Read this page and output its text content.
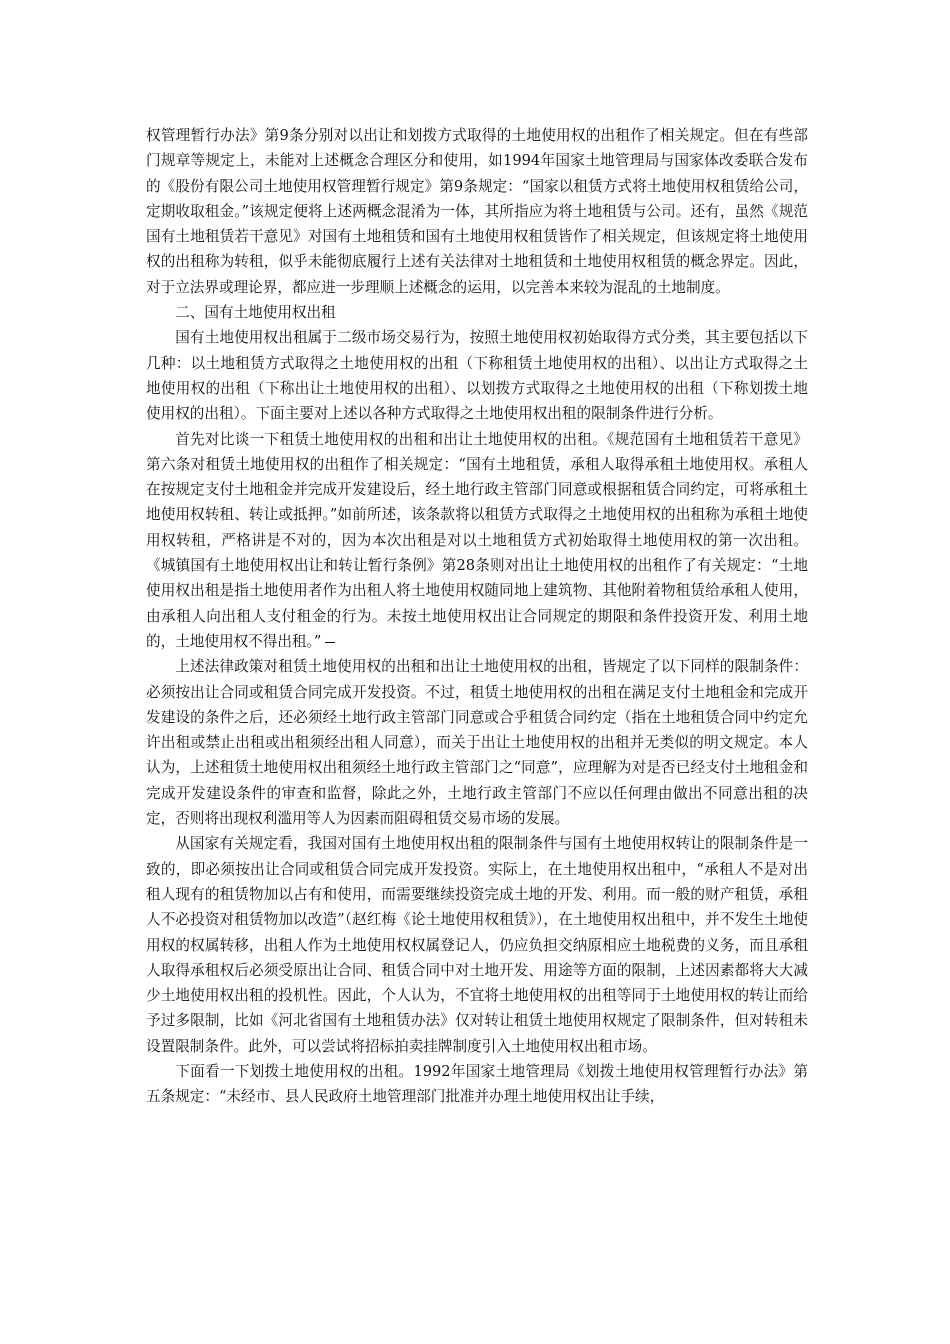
权管理暂行办法》第9条分别对以出让和划拨方式取得的土地使用权的出租作了相关规定。但在有些部门规章等规定上，未能对上述概念合理区分和使用，如1994年国家土地管理局与国家体改委联合发布的《股份有限公司土地使用权管理暂行规定》第9条规定：“国家以租赁方式将土地使用权租赁给公司，定期收取租金。”该规定便将上述两概念混淆为一体，其所指应为将土地租赁与公司。还有，虽然《规范国有土地租赁若干意见》对国有土地租赁和国有土地使用权租赁皆作了相关规定，但该规定将土地使用权的出租称为转租，似乎未能彻底履行上述有关法律对土地租赁和土地使用权租赁的概念界定。因此，对于立法界或理论界，都应进一步理顺上述概念的运用，以完善本来较为混乱的土地制度。

二、国有土地使用权出租

国有土地使用权出租属于二级市场交易行为，按照土地使用权初始取得方式分类，其主要包括以下几种：以土地租赁方式取得之土地使用权的出租（下称租赁土地使用权的出租）、以出让方式取得之土地使用权的出租（下称出让土地使用权的出租）、以划拨方式取得之土地使用权的出租（下称划拨土地使用权的出租）。下面主要对上述以各种方式取得之土地使用权出租的限制条件进行分析。

首先对比谈一下租赁土地使用权的出租和出让土地使用权的出租。《规范国有土地租赁若干意见》第六条对租赁土地使用权的出租作了相关规定：“国有土地租赁，承租人取得承租土地使用权。承租人在按规定支付土地租金并完成开发建设后，经土地行政主管部门同意或根据租赁合同约定，可将承租土地使用权转租、转让或抵押。”如前所述，该条款将以租赁方式取得之土地使用权的出租称为承租土地使用权转租，严格讲是不对的，因为本次出租是对以土地租赁方式初始取得土地使用权的第一次出租。《城镇国有土地使用权出让和转让暂行条例》第28条则对出让土地使用权的出租作了有关规定：“土地使用权出租是指土地使用者作为出租人将土地使用权随同地上建筑物、其他附着物租赁给承租人使用，由承租人向出租人支付租金的行为。未按土地使用权出让合同规定的期限和条件投资开发、利用土地的，土地使用权不得出租。”

上述法律政策对租赁土地使用权的出租和出让土地使用权的出租，皆规定了以下同样的限制条件：必须按出让合同或租赁合同完成开发投资。不过，租赁土地使用权的出租在满足支付土地租金和完成开发建设的条件之后，还必须经土地行政主管部门同意或合乎租赁合同约定（指在土地租赁合同中约定允许出租或禁止出租或出租须经出租人同意），而关于出让土地使用权的出租并无类似的明文规定。本人认为，上述租赁土地使用权出租须经土地行政主管部门之“同意”，应理解为对是否已经支付土地租金和完成开发建设条件的审查和监督，除此之外，土地行政主管部门不应以任何理由做出不同意出租的决定，否则将出现权利滥用等人为因素而阻碍租赁交易市场的发展。

从国家有关规定看，我国对国有土地使用权出租的限制条件与国有土地使用权转让的限制条件是一致的，即必须按出让合同或租赁合同完成开发投资。实际上，在土地使用权出租中，“承租人不是对出租人现有的租赁物加以占有和使用，而需要继续投资完成土地的开发、利用。而一般的财产租赁，承租人不必投资对租赁物加以改造”（赵红梅《论土地使用权租赁》），在土地使用权出租中，并不发生土地使用权的权属转移，出租人作为土地使用权权属登记人，仍应负担交纳原相应土地税费的义务，而且承租人取得承租权后必须受原出让合同、租赁合同中对土地开发、用途等方面的限制，上述因素都将大大减少土地使用权出租的投机性。因此，个人认为，不宜将土地使用权的出租等同于土地使用权的转让而给予过多限制，比如《河北省国有土地租赁办法》仅对转让租赁土地使用权规定了限制条件，但对转租未设置限制条件。此外，可以尝试将招标拍卖挂牌制度引入土地使用权出租市场。

下面看一下划拨土地使用权的出租。1992年国家土地管理局《划拨土地使用权管理暂行办法》第五条规定：“未经市、县人民政府土地管理部门批准并办理土地使用权出让手续，
